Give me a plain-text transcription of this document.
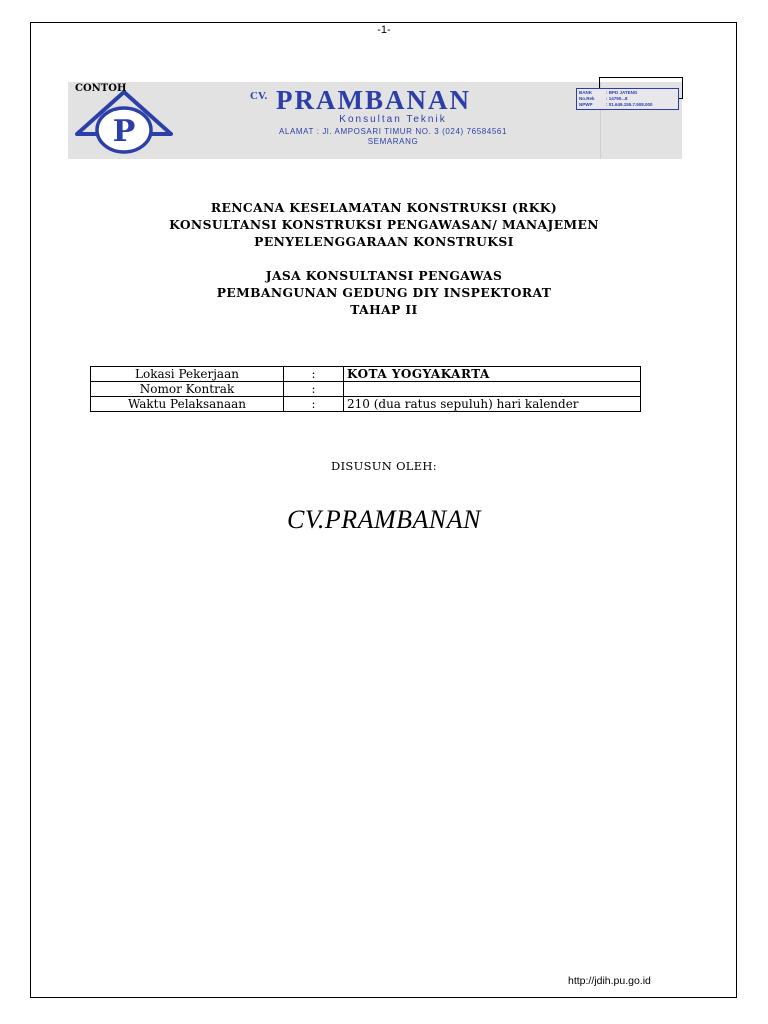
-1-
P
CONTOH
CV. PRAMBANAN
Konsultan Teknik
ALAMAT : Jl. AMPOSARI TIMUR NO. 3 (024) 76584561
SEMARANG
BANK	: BPD JATENG
No.Rek	: 14790...8
NPWP	: 01.649.155.7.508.000
RENCANA KESELAMATAN KONSTRUKSI (RKK)
KONSULTANSI KONSTRUKSI PENGAWASAN/ MANAJEMEN
PENYELENGGARAAN KONSTRUKSI
JASA KONSULTANSI PENGAWAS
PEMBANGUNAN GEDUNG DIY INSPEKTORAT
TAHAP II
Lokasi Pekerjaan	:	KOTA YOGYAKARTA
Nomor Kontrak	:	
Waktu Pelaksanaan	:	210 (dua ratus sepuluh) hari kalender
DISUSUN OLEH:
CV.PRAMBANAN
http://jdih.pu.go.id
